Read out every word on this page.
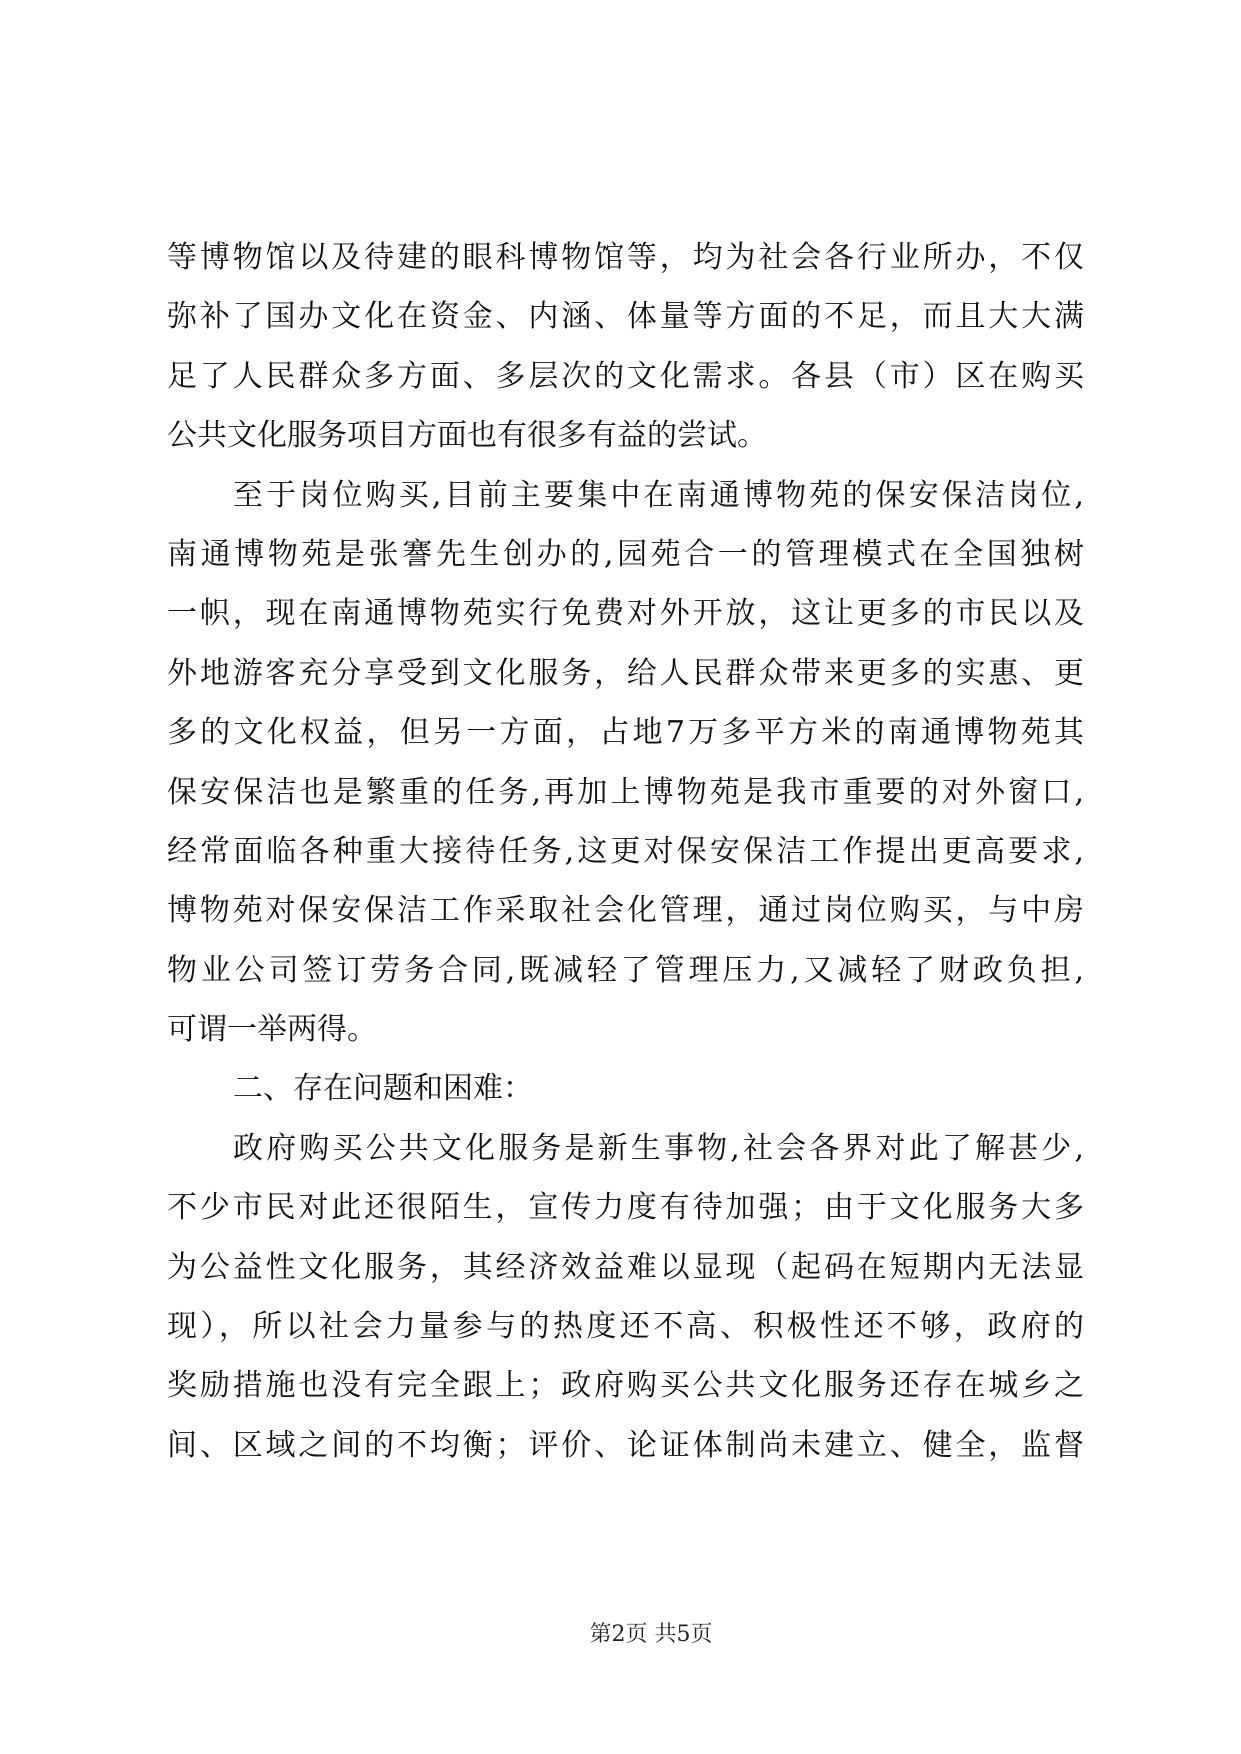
等博物馆以及待建的眼科博物馆等，均为社会各行业所办，不仅
弥补了国办文化在资金、内涵、体量等方面的不足，而且大大满
足了人民群众多方面、多层次的文化需求。各县（市）区在购买
公共文化服务项目方面也有很多有益的尝试。
至于岗位购买,目前主要集中在南通博物苑的保安保洁岗位,
南通博物苑是张謇先生创办的,园苑合一的管理模式在全国独树
一帜，现在南通博物苑实行免费对外开放，这让更多的市民以及
外地游客充分享受到文化服务，给人民群众带来更多的实惠、更
多的文化权益，但另一方面，占地7万多平方米的南通博物苑其
保安保洁也是繁重的任务,再加上博物苑是我市重要的对外窗口,
经常面临各种重大接待任务,这更对保安保洁工作提出更高要求,
博物苑对保安保洁工作采取社会化管理，通过岗位购买，与中房
物业公司签订劳务合同,既减轻了管理压力,又减轻了财政负担,
可谓一举两得。
二、存在问题和困难：
政府购买公共文化服务是新生事物,社会各界对此了解甚少,
不少市民对此还很陌生，宣传力度有待加强；由于文化服务大多
为公益性文化服务，其经济效益难以显现（起码在短期内无法显
现），所以社会力量参与的热度还不高、积极性还不够，政府的
奖励措施也没有完全跟上；政府购买公共文化服务还存在城乡之
间、区域之间的不均衡；评价、论证体制尚未建立、健全，监督
第2页 共5页
